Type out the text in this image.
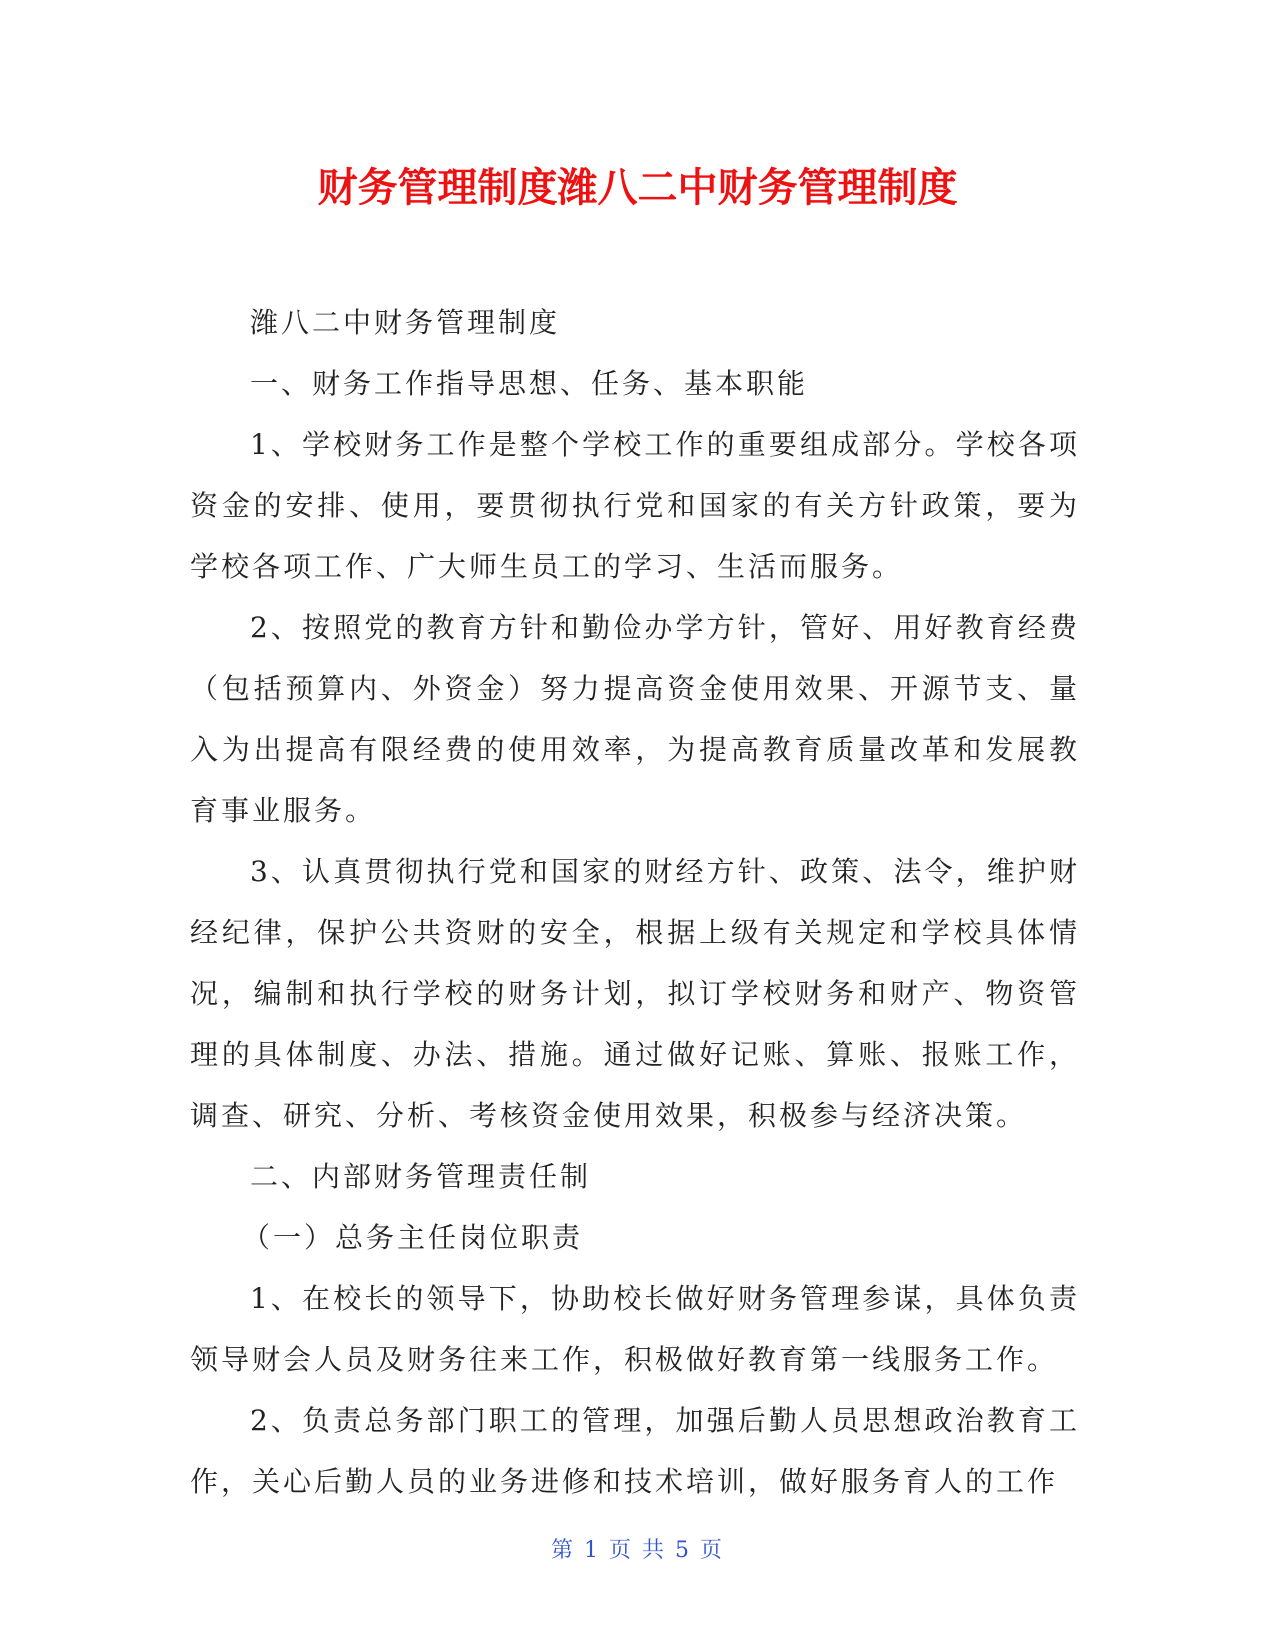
财务管理制度潍八二中财务管理制度

潍八二中财务管理制度

一、财务工作指导思想、任务、基本职能

1、学校财务工作是整个学校工作的重要组成部分。学校各项资金的安排、使用，要贯彻执行党和国家的有关方针政策，要为学校各项工作、广大师生员工的学习、生活而服务。

2、按照党的教育方针和勤俭办学方针，管好、用好教育经费（包括预算内、外资金）努力提高资金使用效果、开源节支、量入为出提高有限经费的使用效率，为提高教育质量改革和发展教育事业服务。

3、认真贯彻执行党和国家的财经方针、政策、法令，维护财经纪律，保护公共资财的安全，根据上级有关规定和学校具体情况，编制和执行学校的财务计划，拟订学校财务和财产、物资管理的具体制度、办法、措施。通过做好记账、算账、报账工作，调查、研究、分析、考核资金使用效果，积极参与经济决策。

二、内部财务管理责任制

（一）总务主任岗位职责

1、在校长的领导下，协助校长做好财务管理参谋，具体负责领导财会人员及财务往来工作，积极做好教育第一线服务工作。

2、负责总务部门职工的管理，加强后勤人员思想政治教育工作，关心后勤人员的业务进修和技术培训，做好服务育人的工作

第 1 页 共 5 页
